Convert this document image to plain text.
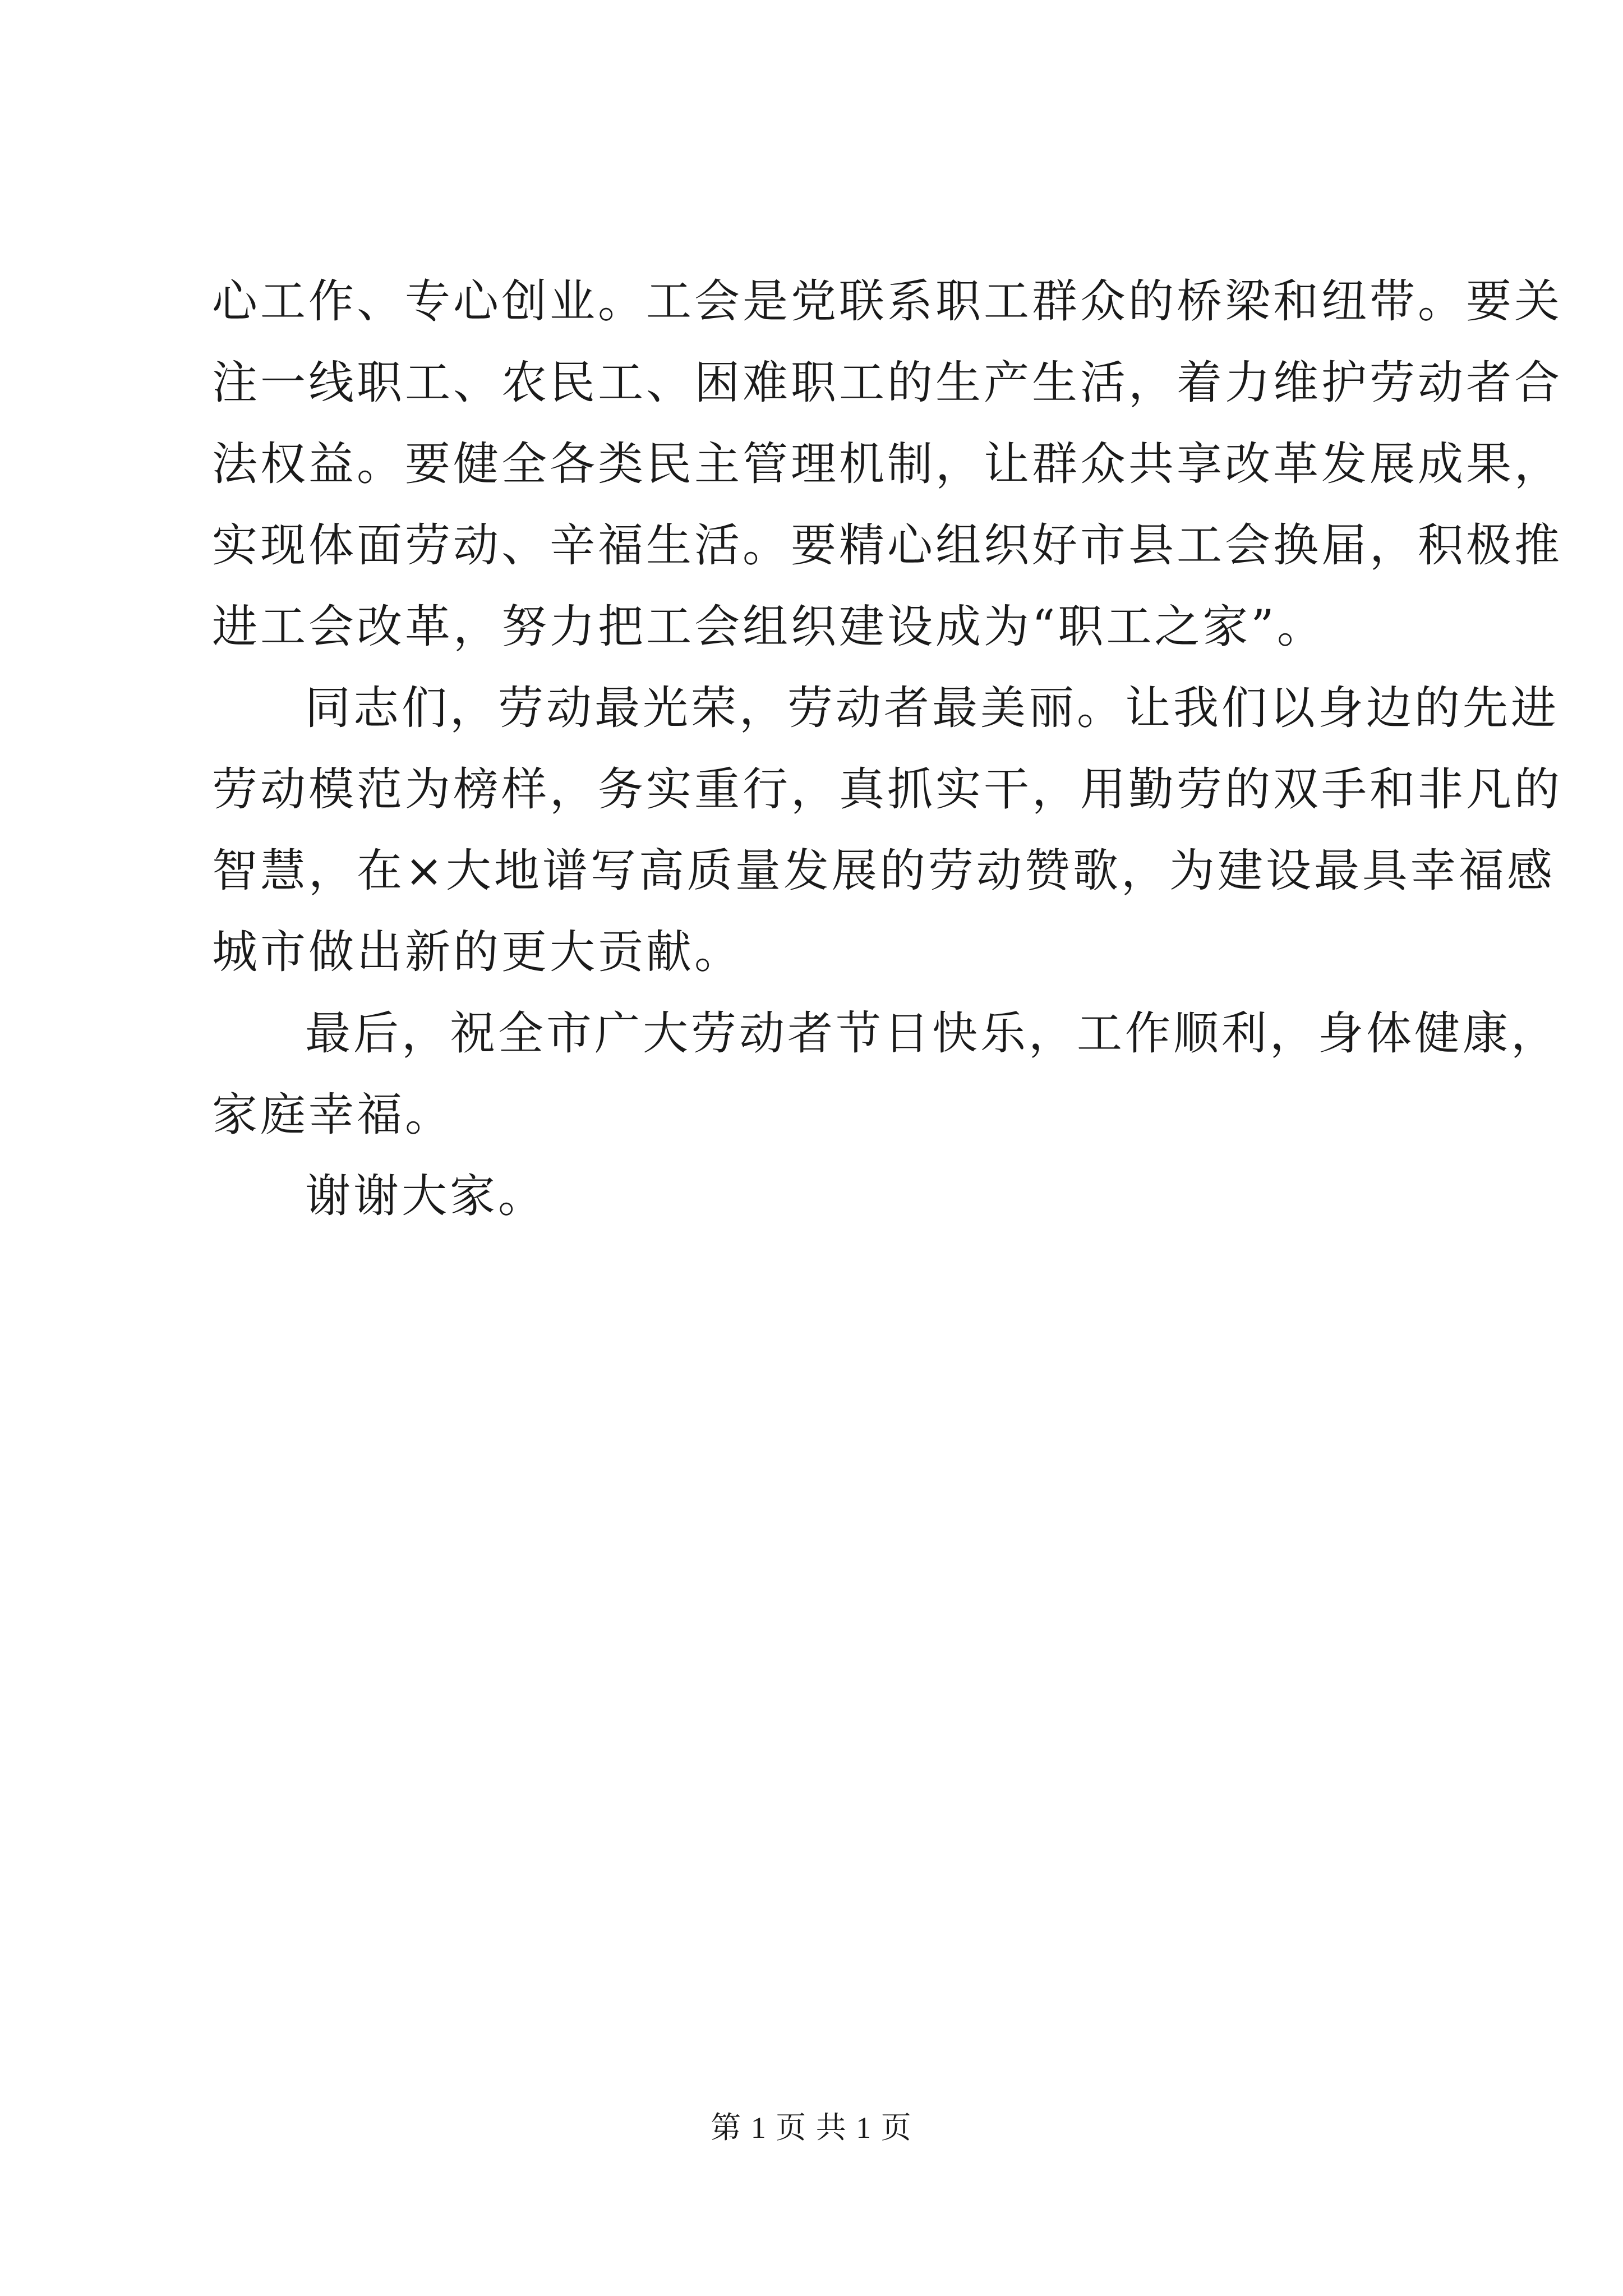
心工作、专心创业。工会是党联系职工群众的桥梁和纽带。要关
注一线职工、农民工、困难职工的生产生活，着力维护劳动者合
法权益。要健全各类民主管理机制，让群众共享改革发展成果，
实现体面劳动、辛福生活。要精心组织好市县工会换届，积极推
进工会改革，努力把工会组织建设成为“职工之家”。
同志们，劳动最光荣，劳动者最美丽。让我们以身边的先进
劳动模范为榜样，务实重行，真抓实干，用勤劳的双手和非凡的
智慧，在×大地谱写高质量发展的劳动赞歌，为建设最具幸福感
城市做出新的更大贡献。
最后，祝全市广大劳动者节日快乐，工作顺利，身体健康，
家庭幸福。
谢谢大家。
第 1 页 共 1 页
